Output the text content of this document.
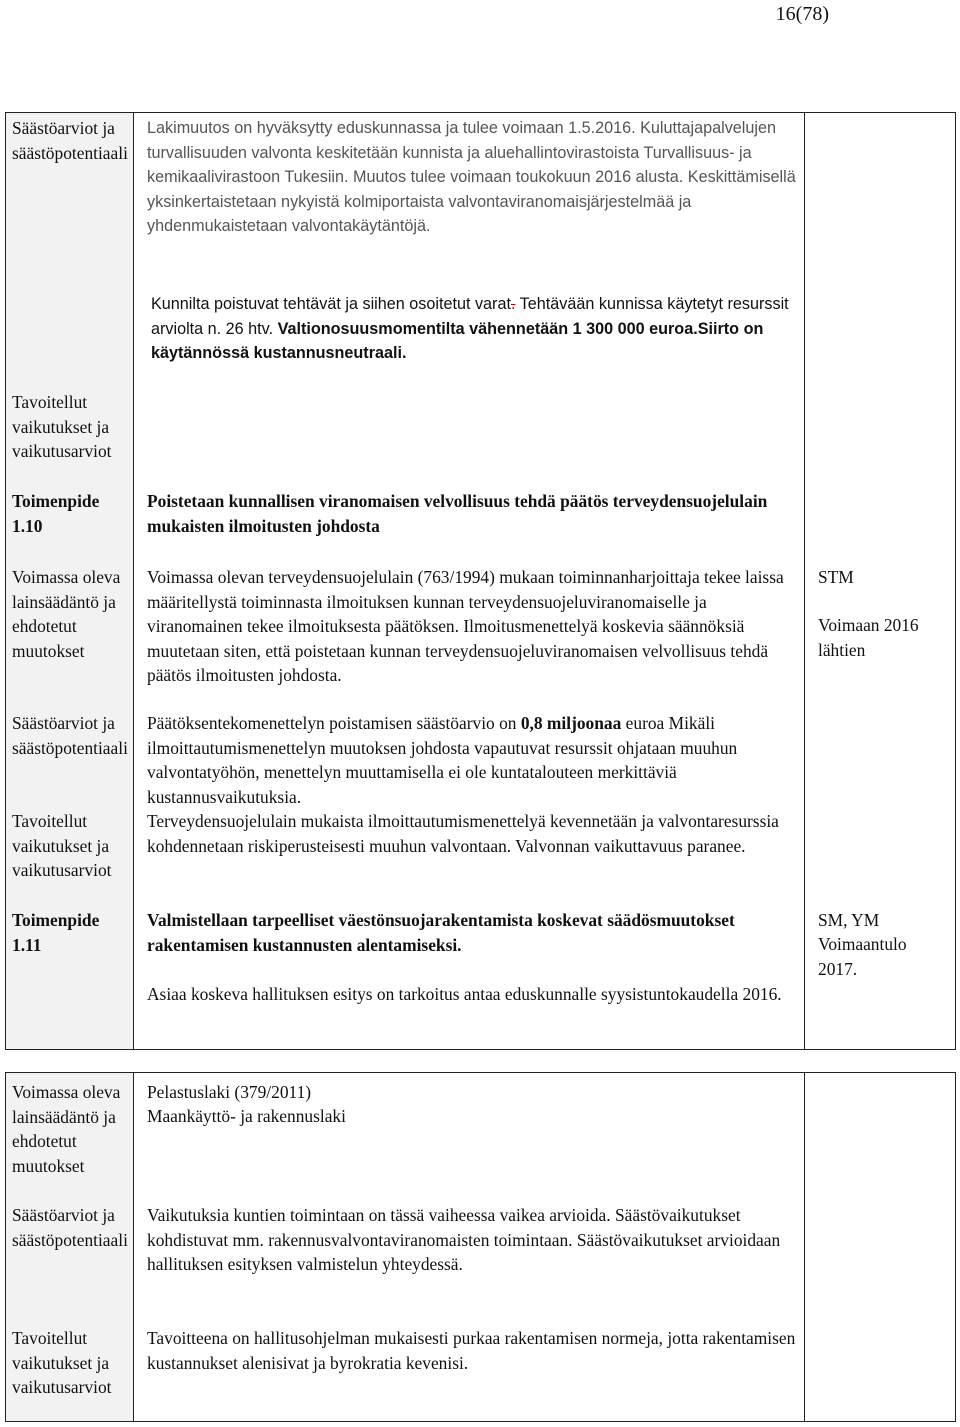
16(78)
Säästöarviot ja säästöpotentiaali
Lakimuutos on hyväksytty eduskunnassa ja tulee voimaan 1.5.2016. Kuluttajapalvelujen turvallisuuden valvonta keskitetään kunnista ja aluehallintovirastoista Turvallisuus- ja kemikaalivirastoon Tukesiin. Muutos tulee voimaan toukokuun 2016 alusta. Keskittämisellä yksinkertaistetaan nykyistä kolmiportaista valvontaviranomaisjärjestelmää ja yhdenmukaistetaan valvontakäytäntöjä.
Kunnilta poistuvat tehtävät ja siihen osoitetut varat. Tehtävään kunnissa käytetyt resurssit arviolta n. 26 htv. Valtionosuusmomentilta vähennetään 1 300 000 euroa.Siirto on käytännössä kustannusneutraali.
Tavoitellut vaikutukset ja vaikutusarviot
Toimenpide 1.10
Poistetaan kunnallisen viranomaisen velvollisuus tehdä päätös terveydensuojelulain mukaisten ilmoitusten johdosta
Voimassa oleva lainsäädäntö ja ehdotetut muutokset
Voimassa olevan terveydensuojelulain (763/1994) mukaan toiminnanharjoittaja tekee laissa määritellystä toiminnasta ilmoituksen kunnan terveydensuojeluviranomaiselle ja viranomainen tekee ilmoituksesta päätöksen. Ilmoitusmenettelyä koskevia säännöksiä muutetaan siten, että poistetaan kunnan terveydensuojeluviranomaisen velvollisuus tehdä päätös ilmoitusten johdosta.
STM
Voimaan 2016 lähtien
Säästöarviot ja säästöpotentiaali
Päätöksentekomenettelyn poistamisen säästöarvio on 0,8 miljoonaa euroa Mikäli ilmoittautumismenettelyn muutoksen johdosta vapautuvat resurssit ohjataan muuhun valvontatyöhön, menettelyn muuttamisella ei ole kuntatalouteen merkittäviä kustannusvaikutuksia.
Tavoitellut vaikutukset ja vaikutusarviot
Terveydensuojelulain mukaista ilmoittautumismenettelyä kevennetään ja valvontaresurssia kohdennetaan riskiperusteisesti muuhun valvontaan. Valvonnan vaikuttavuus paranee.
Toimenpide 1.11
Valmistellaan tarpeelliset väestönsuojarakentamista koskevat säädösmuutokset rakentamisen kustannusten alentamiseksi.
SM, YM
Voimaantulo 2017.
Asiaa koskeva hallituksen esitys on tarkoitus antaa eduskunnalle syysistuntokaudella 2016.
Voimassa oleva lainsäädäntö ja ehdotetut muutokset
Pelastuslaki (379/2011)
Maankäyttö- ja rakennuslaki
Säästöarviot ja säästöpotentiaali
Vaikutuksia kuntien toimintaan on tässä vaiheessa vaikea arvioida. Säästövaikutukset kohdistuvat mm. rakennusvalvontaviranomaisten toimintaan. Säästövaikutukset arvioidaan hallituksen esityksen valmistelun yhteydessä.
Tavoitellut vaikutukset ja vaikutusarviot
Tavoitteena on hallitusohjelman mukaisesti purkaa rakentamisen normeja, jotta rakentamisen kustannukset alenisivat ja byrokratia kevenisi.
